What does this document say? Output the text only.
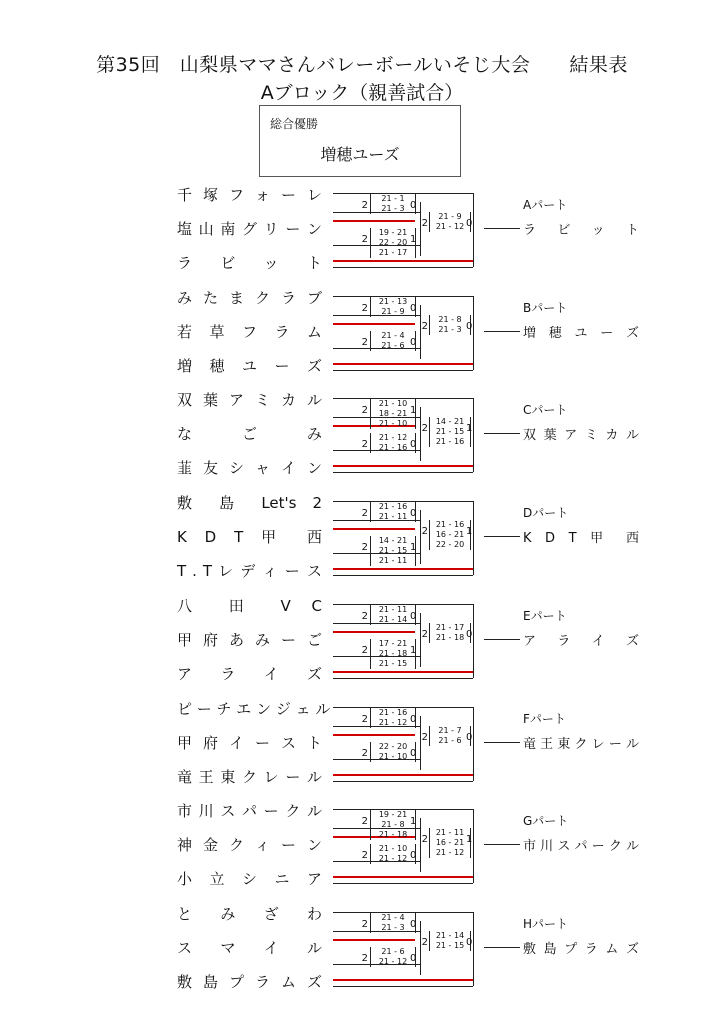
第35回　山梨県ママさんバレーボールいそじ大会　　結果表
Aブロック（親善試合）
総合優勝
増穂ユーズ
千 塚 フ ォ ー レ
塩 山 南 グ リ ー ン
ラ ビ ッ ト
2
21 - 1
21 - 3 0
2
19 - 21
22 - 20
21 - 17
1
2
21 - 9
21 - 12 0
Aパート
ラ ビ ッ ト
み た ま ク ラ ブ
若 草 フ ラ ム
増 穂 ユ ー ズ
2
21 - 13
21 - 9 0
2
21 - 4
21 - 6 0
2
21 - 8
21 - 3 0
Bパート
増 穂 ユ ー ズ
双 葉 ア ミ カ ル
な ご み
韮 友 シ ャ イ ン
2
21 - 10
18 - 21
21 - 10
1
2
21 - 12
21 - 16 0
2
14 - 21
21 - 15
21 - 16
1
Cパート
双 葉 ア ミ カ ル
敷 島 Let's 2
K D T 甲 西
T . T レ デ ィ ー ス
2
21 - 16
21 - 11 0
2
14 - 21
21 - 15
21 - 11
1
2
21 - 16
16 - 21
22 - 20
1
Dパート
K D T 甲 西
八 田 V C
甲 府 あ み ー ご
ア ラ イ ズ
2
21 - 11
21 - 14 0
2
17 - 21
21 - 18
21 - 15
1
2
21 - 17
21 - 18 0
Eパート
ア ラ イ ズ
ピ ー チ エ ン ジ ェ ル
甲 府 イ ー ス ト
竜 王 東 ク レ ー ル
2
21 - 16
21 - 12 0
2
22 - 20
21 - 10 0
2
21 - 7
21 - 6 0
Fパート
竜 王 東 ク レ ー ル
市 川 ス パ ー ク ル
神 金 ク ィ ー ン
小 立 シ ニ ア
2
19 - 21
21 - 8
21 - 18
1
2
21 - 10
21 - 12 0
2
21 - 11
16 - 21
21 - 12
1
Gパート
市 川 ス パ ー ク ル
と み ざ わ
ス マ イ ル
敷 島 プ ラ ム ズ
2
21 - 4
21 - 3 0
2
21 - 6
21 - 12 0
2
21 - 14
21 - 15 0
Hパート
敷 島 プ ラ ム ズ
